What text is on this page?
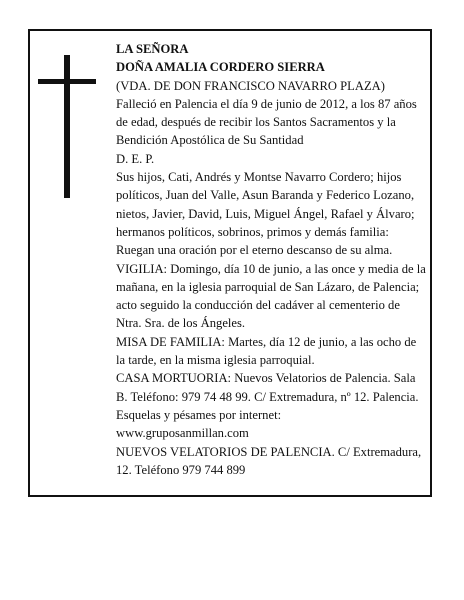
LA SEÑORA

DOÑA AMALIA CORDERO SIERRA

(VDA. DE DON FRANCISCO NAVARRO PLAZA)

Falleció en Palencia el día 9 de junio de 2012, a los 87 años de edad, después de recibir los Santos Sacramentos y la Bendición Apostólica de Su Santidad

D. E. P.

Sus hijos, Cati, Andrés y Montse Navarro Cordero; hijos políticos, Juan del Valle, Asun Baranda y Federico Lozano, nietos, Javier, David, Luis, Miguel Ángel, Rafael y Álvaro; hermanos políticos, sobrinos, primos y demás familia:

Ruegan una oración por el eterno descanso de su alma.

VIGILIA: Domingo, día 10 de junio, a las once y media de la mañana, en la iglesia parroquial de San Lázaro, de Palencia; acto seguido la conducción del cadáver al cementerio de Ntra. Sra. de los Ángeles.

MISA DE FAMILIA: Martes, día 12 de junio, a las ocho de la tarde, en la misma iglesia parroquial.

CASA MORTUORIA: Nuevos Velatorios de Palencia. Sala B. Teléfono: 979 74 48 99. C/ Extremadura, nº 12. Palencia.

Esquelas y pésames por internet:

www.gruposanmillan.com

NUEVOS VELATORIOS DE PALENCIA. C/ Extremadura, 12. Teléfono 979 744 899
